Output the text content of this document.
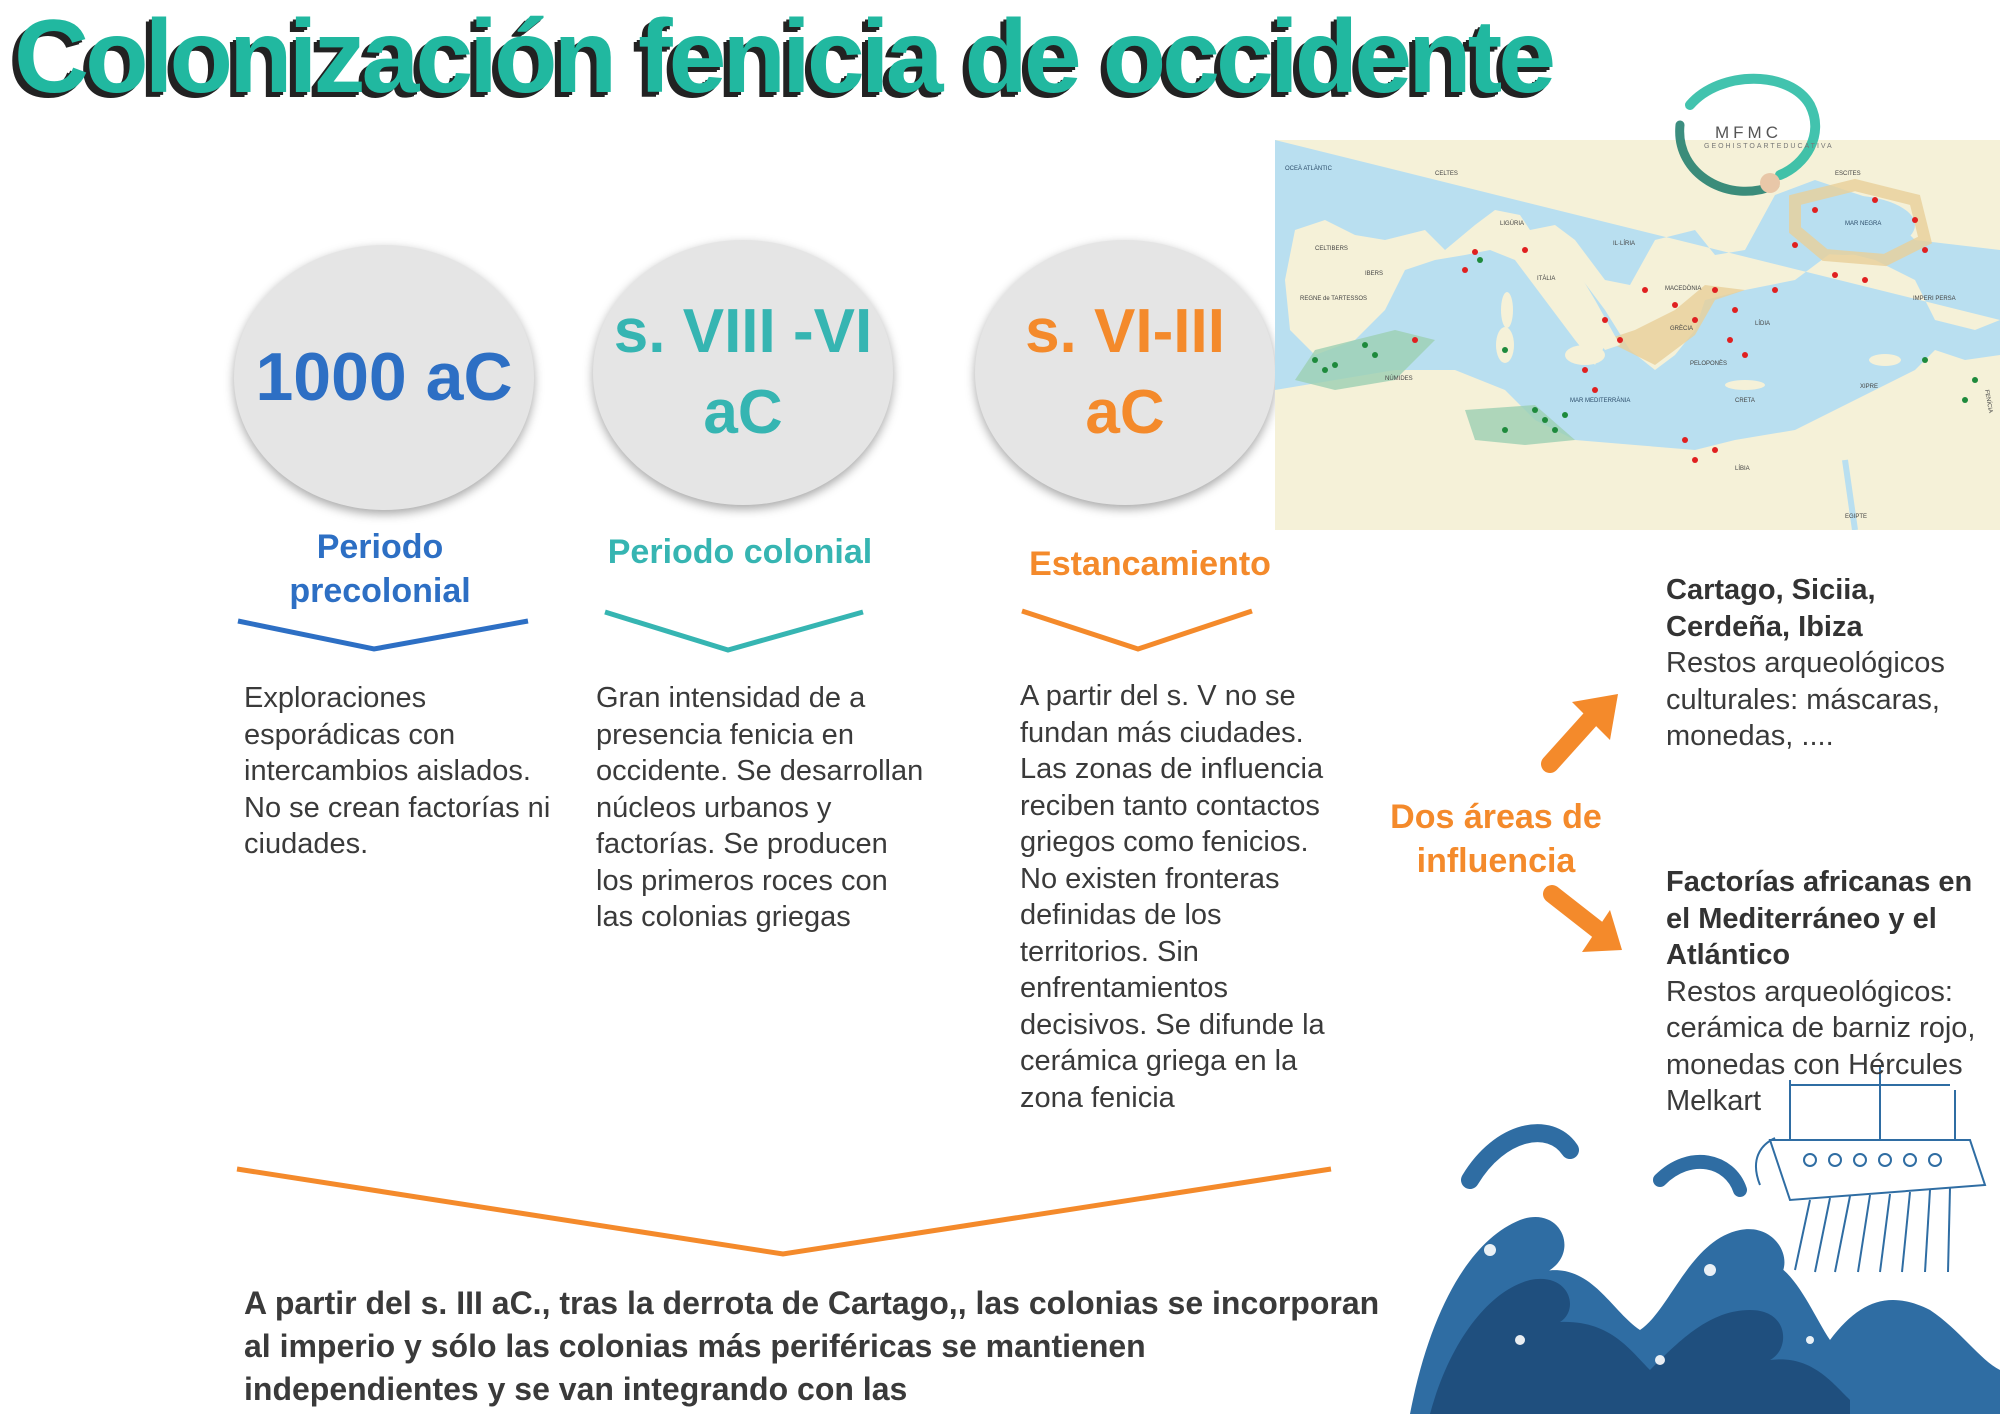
Colonización fenicia de occidente
1000 aC
s. VIII -VI
aC
s. VI-III
aC
Periodo precolonial
Periodo colonial	Estancamiento
Exploraciones esporádicas con intercambios aislados. No se crean factorías ni ciudades.
Gran intensidad de a presencia fenicia en occidente. Se desarrollan núcleos urbanos y factorías. Se producen los primeros roces con las colonias griegas
A partir del s. V no se fundan más ciudades. Las zonas de influencia reciben tanto contactos griegos como fenicios. No existen fronteras definidas de los territorios. Sin enfrentamientos decisivos. Se difunde la cerámica griega en la zona fenicia
A partir del s. III aC., tras la derrota de Cartago,, las colonias se incorporan al imperio y sólo las colonias más periféricas se mantienen independientes y se van integrando con las
OCEÀ ATLÀNTIC
CELTES
LIGÚRIA
CELTIBERS
IBERS
REGNE de TARTESSOS
ITÀLIA
ESCITES
MAR NEGRA
IL·LÍRIA
MACEDÒNIA
GRÈCIA
LÍDIA
IMPERI PERSA
NÚMIDES
MAR MEDITERRÀNIA
PELOPONÈS
CRETA
XIPRE
FENÍCIA
LÍBIA
EGIPTE
MFMC
GEOHISTOARTEDUCATIVA
Dos áreas de influencia
Cartago, Siciia, Cerdeña, Ibiza
Restos arqueológicos culturales: máscaras, monedas, ....
Factorías africanas en el Mediterráneo y el Atlántico
Restos arqueológicos: cerámica de barniz rojo, monedas con Hércules Melkart
